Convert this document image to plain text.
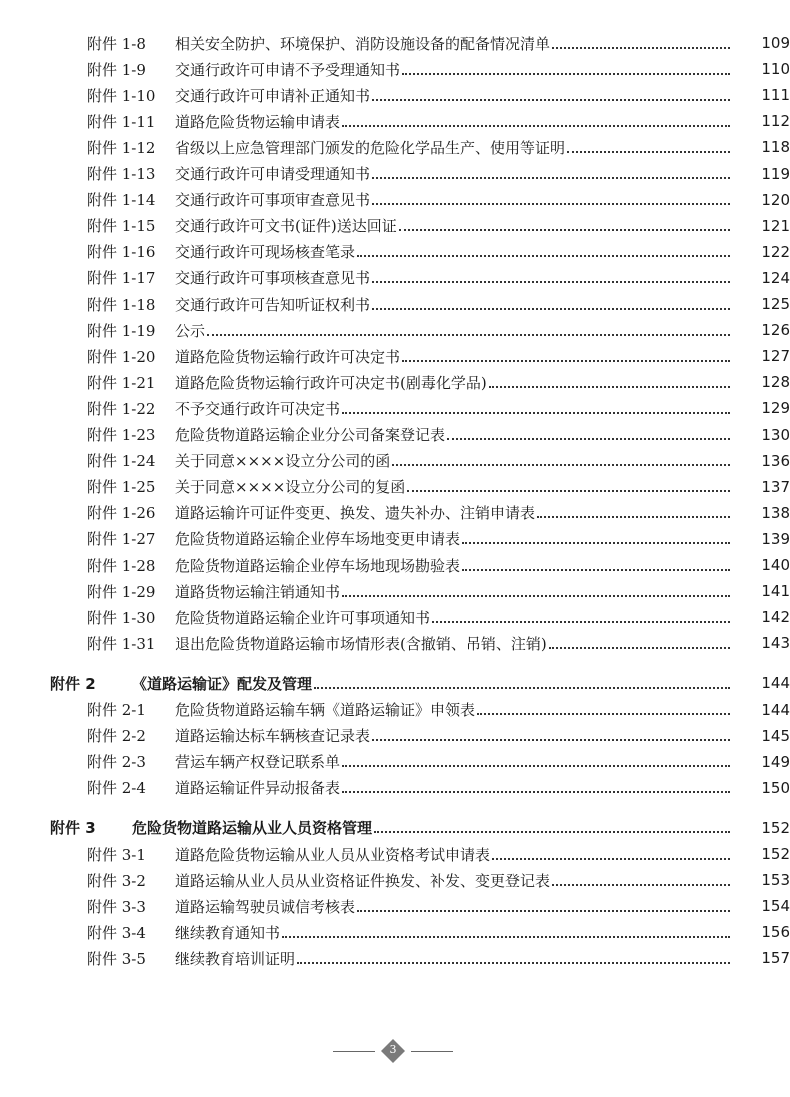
附件 1-8	相关安全防护、环境保护、消防设施设备的配备情况清单	109
附件 1-9	交通行政许可申请不予受理通知书	110
附件 1-10	交通行政许可申请补正通知书	111
附件 1-11	道路危险货物运输申请表	112
附件 1-12	省级以上应急管理部门颁发的危险化学品生产、使用等证明	118
附件 1-13	交通行政许可申请受理通知书	119
附件 1-14	交通行政许可事项审查意见书	120
附件 1-15	交通行政许可文书(证件)送达回证	121
附件 1-16	交通行政许可现场核查笔录	122
附件 1-17	交通行政许可事项核查意见书	124
附件 1-18	交通行政许可告知听证权利书	125
附件 1-19	公示	126
附件 1-20	道路危险货物运输行政许可决定书	127
附件 1-21	道路危险货物运输行政许可决定书(剧毒化学品)	128
附件 1-22	不予交通行政许可决定书	129
附件 1-23	危险货物道路运输企业分公司备案登记表	130
附件 1-24	关于同意××××设立分公司的函	136
附件 1-25	关于同意××××设立分公司的复函	137
附件 1-26	道路运输许可证件变更、换发、遗失补办、注销申请表	138
附件 1-27	危险货物道路运输企业停车场地变更申请表	139
附件 1-28	危险货物道路运输企业停车场地现场勘验表	140
附件 1-29	道路货物运输注销通知书	141
附件 1-30	危险货物道路运输企业许可事项通知书	142
附件 1-31	退出危险货物道路运输市场情形表(含撤销、吊销、注销)	143
附件 2	《道路运输证》配发及管理	144
附件 2-1	危险货物道路运输车辆《道路运输证》申领表	144
附件 2-2	道路运输达标车辆核查记录表	145
附件 2-3	营运车辆产权登记联系单	149
附件 2-4	道路运输证件异动报备表	150
附件 3	危险货物道路运输从业人员资格管理	152
附件 3-1	道路危险货物运输从业人员从业资格考试申请表	152
附件 3-2	道路运输从业人员从业资格证件换发、补发、变更登记表	153
附件 3-3	道路运输驾驶员诚信考核表	154
附件 3-4	继续教育通知书	156
附件 3-5	继续教育培训证明	157
3
